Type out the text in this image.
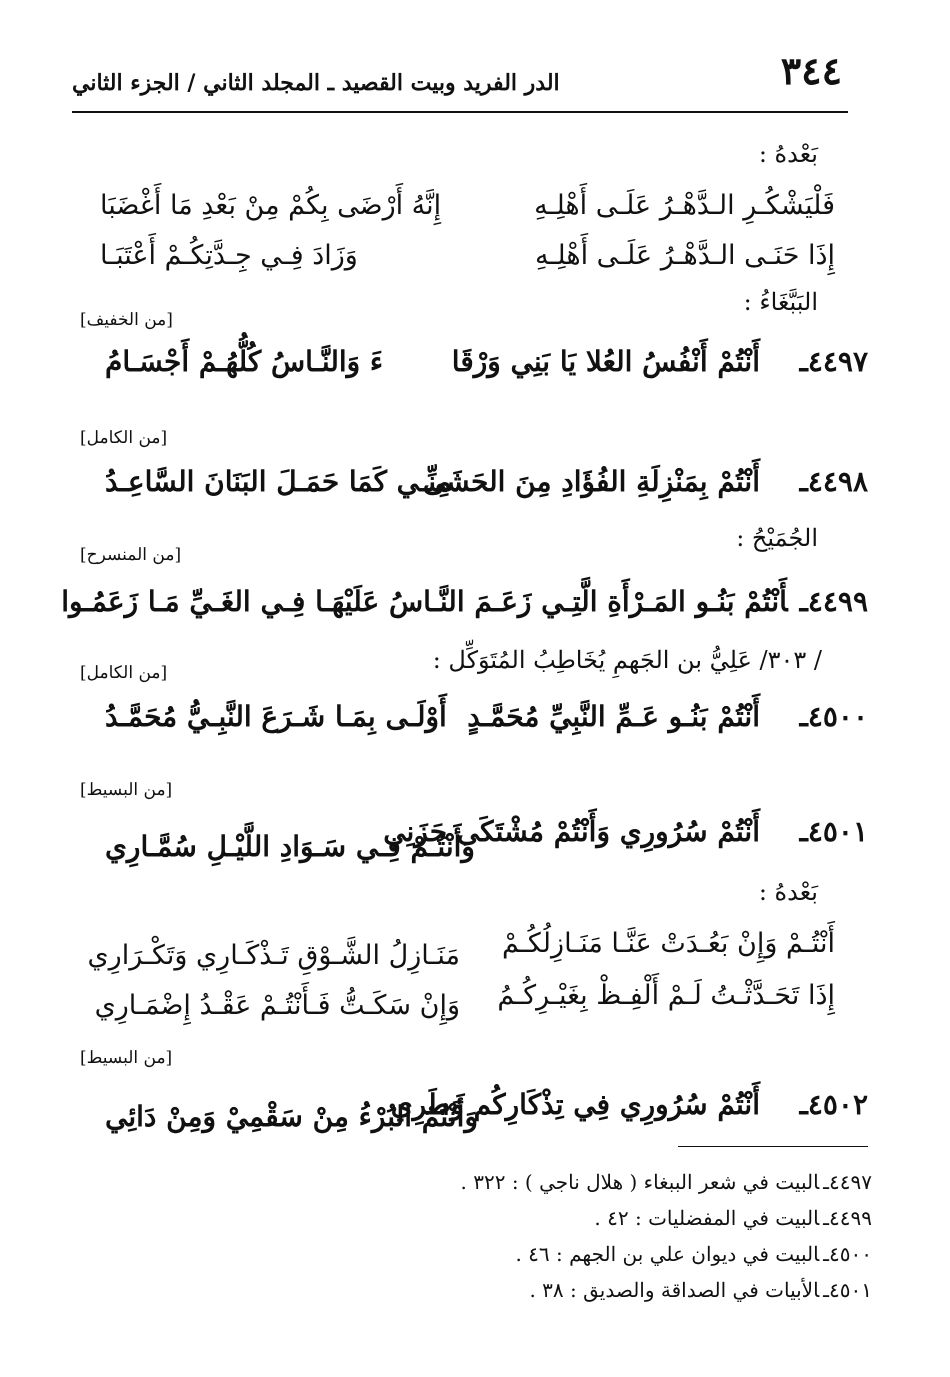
٣٤٤
الدر الفريد وبيت القصيد ـ المجلد الثاني / الجزء الثاني
بَعْدهُ :
فَلْيَشْكُـرِ الـدَّهْـرُ عَلَـى أَهْلِـهِ
إِنَّهُ أَرْضَى بِكُمْ مِنْ بَعْدِ مَا أَغْضَبَا
إِذَا حَنَـى الـدَّهْـرُ عَلَـى أَهْلِـهِ
وَزَادَ فِـي جِـدَّتِكُـمْ أَعْتَبَـا
البَبَّغَاءُ :
[من الخفيف]
٤٤٩٧ـ
أَنْتُمْ أَنْفُسُ العُلا يَا بَنِي وَرْقَا
ءَ وَالنَّـاسُ كُلُّهُـمْ أَجْسَـامُ
[من الكامل]
٤٤٩٨ـ
أَنْتُمْ بِمَنْزِلَةِ الفُؤَادِ مِنَ الحَشَى
مِنِّـي كَمَا حَمَـلَ البَنَانَ السَّاعِـدُ
الجُمَيْحُ :
[من المنسرح]
٤٤٩٩ـأَنْتُمْ بَنُـو المَـرْأَةِ الَّتِـي زَعَـمَ النَّـاسُ عَلَيْهَـا فِـي الغَـيِّ مَـا زَعَمُـوا
/ ٣٠٣/ عَلِيُّ بن الجَهمِ يُخَاطِبُ المُتَوَكِّل :
[من الكامل]
٤٥٠٠ـ
أَنْتُمْ بَنُـو عَـمِّ النَّبِيِّ مُحَمَّـدٍ
أَوْلَـى بِمَـا شَـرَعَ النَّبِـيُّ مُحَمَّـدُ
[من البسيط]
٤٥٠١ـ
أَنْتُمْ سُرُورِي وَأَنْتُمْ مُشْتَكَى حَزَنِي
وَأَنْتُـمْ فِـي سَـوَادِ اللَّيْـلِ سُمَّـارِي
بَعْدهُ :
أَنْتُـمْ وَإِنْ بَعُـدَتْ عَنَّـا مَنَـازِلُكُـمْ
مَنَـازِلُ الشَّـوْقِ تَـذْكَـارِي وَتَكْـرَارِي
إِذَا تَحَـدَّثْـتُ لَـمْ أَلْفِـظْ بِغَيْـرِكُـمُ
وَإِنْ سَكَـتُّ فَـأَنْتُـمْ عَقْـدُ إِضْمَـارِي
[من البسيط]
٤٥٠٢ـ
أَنْتُمْ سُرُورِي فِي تِذْكَارِكُم وَطَرِي
وَأَنْتُمُ البُرْءُ مِنْ سَقْمِيْ وَمِنْ دَائِي
٤٤٩٧ـالبيت في شعر الببغاء ( هلال ناجي ) : ٣٢٢ .
٤٤٩٩ـالبيت في المفضليات : ٤٢ .
٤٥٠٠ـالبيت في ديوان علي بن الجهم : ٤٦ .
٤٥٠١ـالأبيات في الصداقة والصديق : ٣٨ .
